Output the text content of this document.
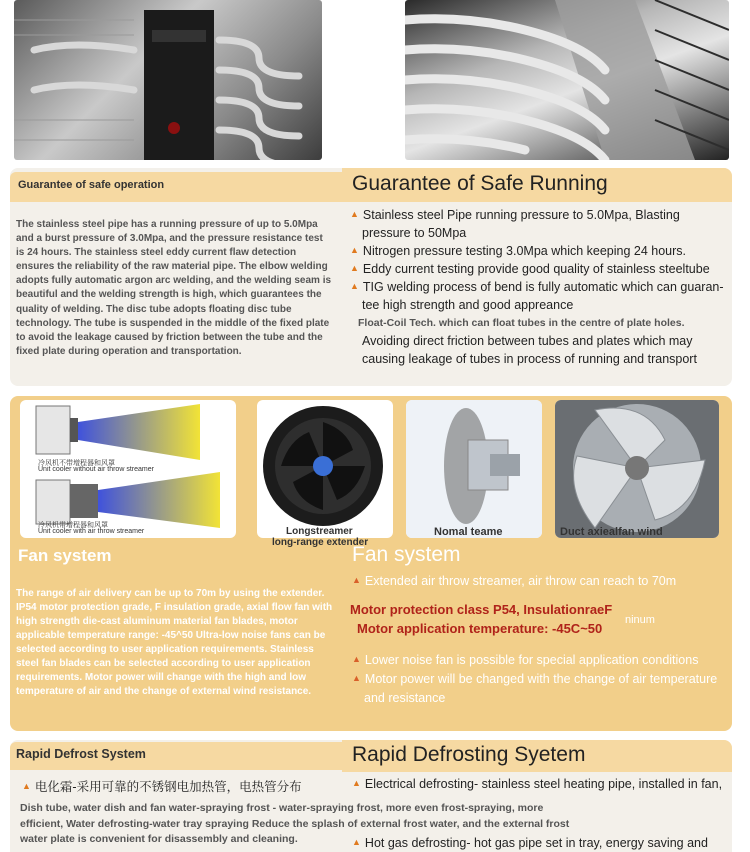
Guarantee of safe operation	Guarantee of Safe Running
The stainless steel pipe has a running pressure of up to 5.0Mpa and a burst pressure of 3.0Mpa, and the pressure resistance test is 24 hours. The stainless steel eddy current flaw detection ensures the reliability of the raw material pipe. The elbow welding adopts fully automatic argon arc welding, and the welding seam is beautiful and the welding strength is high, which guarantees the quality of welding. The disc tube adopts floating disc tube technology. The tube is suspended in the middle of the fixed plate to avoid the leakage caused by friction between the tube and the fixed plate during operation and transportation.
▲ Stainless steel Pipe running pressure to 5.0Mpa, Blasting
pressure to 50Mpa
▲ Nitrogen pressure testing 3.0Mpa which keeping 24 hours.
▲ Eddy current testing provide good quality of stainless steeltube
▲ TIG welding process of bend is fully automatic which can guaran-
tee high strength and good appreance
Float-Coil Tech. which can float tubes in the centre of plate holes.
Avoiding direct friction between tubes and plates which may
causing leakage of tubes in process of running and transport
冷风机不带增程器和风罩
Unit cooler without air throw streamer
冷风机带增程器和风罩
Unit cooler with air throw streamer	Longstreamer
long-range extender
Nomal teame	Duct axiealfan wind
Fan system	Fan system
The range of air delivery can be up to 70m by using the extender. IP54 motor protection grade, F insulation grade, axial flow fan with high strength die-cast aluminum material fan blades, motor applicable temperature range: -45^50 Ultra-low noise fans can be selected according to user application requirements. Stainless steel fan blades can be selected according to user application requirements. Motor power will change with the high and low temperature of air and the change of external wind resistance.
▲ Extended air throw streamer, air throw can reach to 70m
Motor protection class P54, InsulationraeF
ninum
Motor application temperature: -45C~50
▲ Lower noise fan is possible for special application conditions
▲ Motor power will be changed with the change of air temperature
and resistance
Rapid Defrost System	Rapid Defrosting Syetem
▲ 电化霜-采用可靠的不锈钢电加热管，电热管分布	▲ Electrical defrosting- stainless steel heating pipe, installed in fan,
Dish tube, water dish and fan water-spraying frost - water-spraying frost, more even frost-spraying, more efficient, Water defrosting-water tray spraying Reduce the splash of external frost water, and the external frost water plate is convenient for disassembly and cleaning.	▲ Hot gas defrosting- hot gas pipe set in tray, energy saving and
